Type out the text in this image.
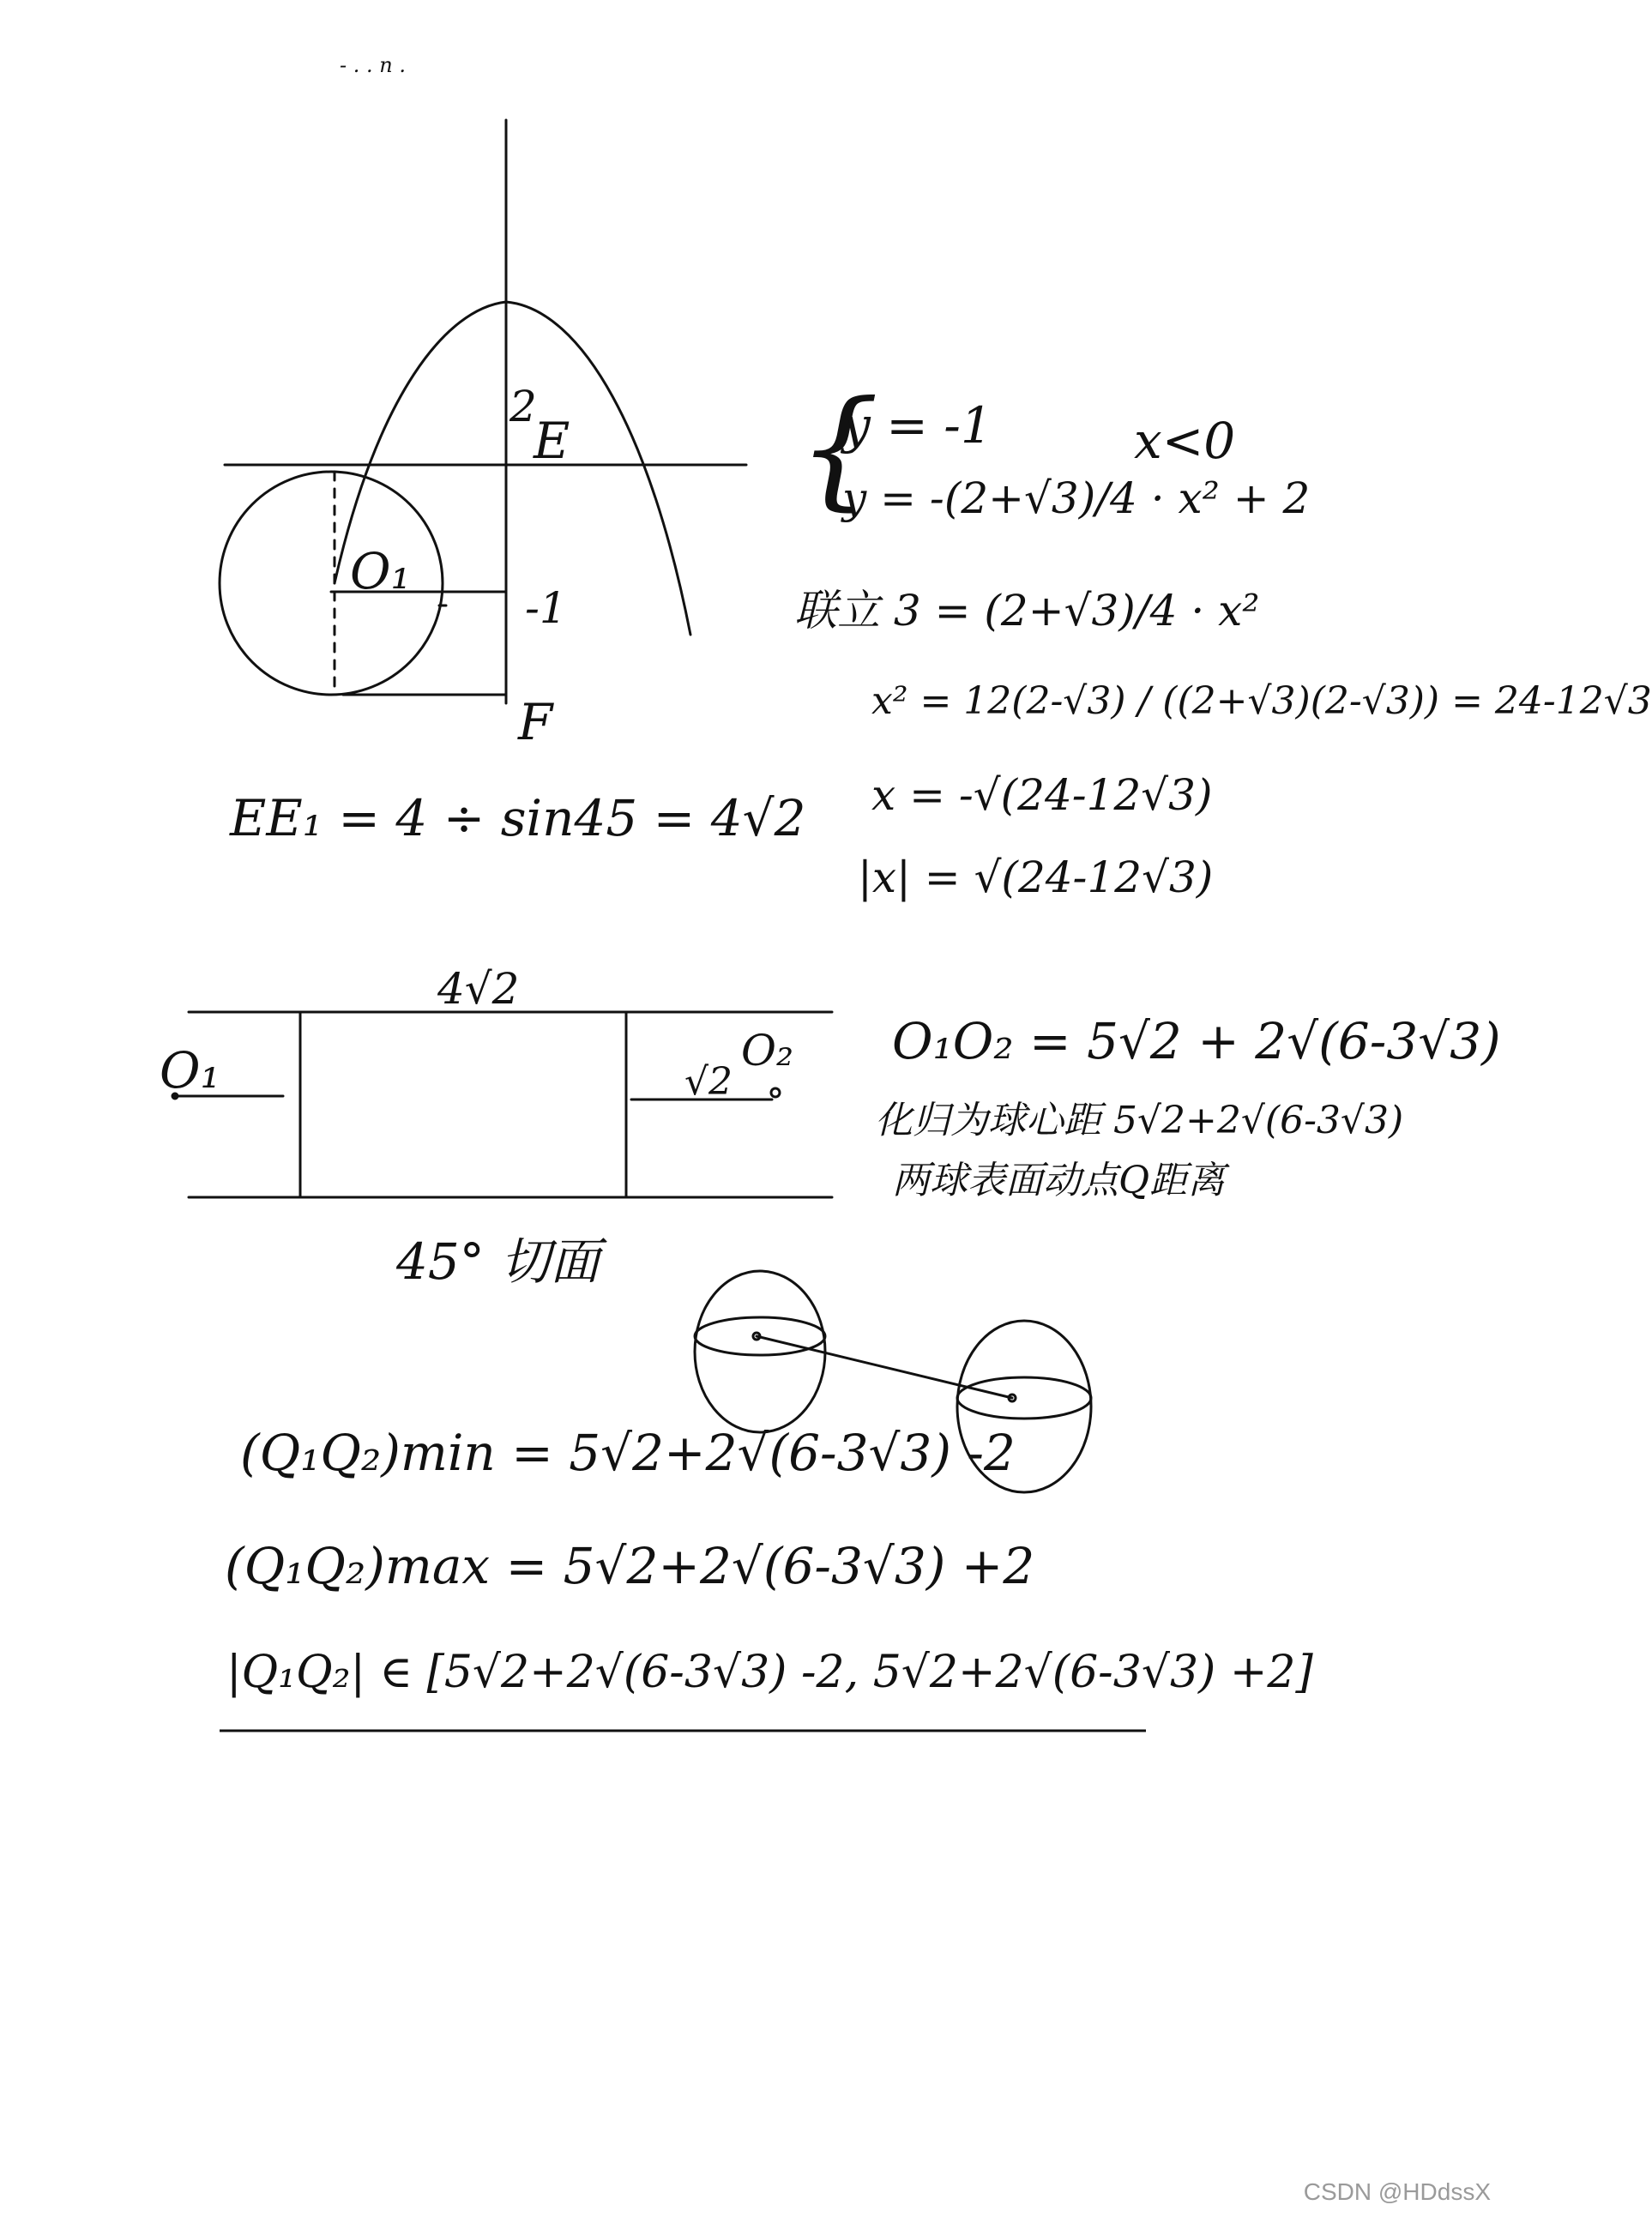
- . . n .
2
E
O₁
-1
F
EE₁ = 4 ÷ sin45 = 4√2
{
y = -1
y = -(2+√3)/4 · x² + 2
x<0
联立 3 = (2+√3)/4 · x²
x² = 12(2-√3) / ((2+√3)(2-√3)) = 24-12√3
x = -√(24-12√3)
|x| = √(24-12√3)
4√2
O₁	O₂
√2
45° 切面
O₁O₂ = 5√2 + 2√(6-3√3)
化归为球心距 5√2+2√(6-3√3)
两球表面动点Q距离
(Q₁Q₂)min = 5√2+2√(6-3√3) -2
(Q₁Q₂)max = 5√2+2√(6-3√3) +2
|Q₁Q₂| ∈ [5√2+2√(6-3√3) -2, 5√2+2√(6-3√3) +2]
CSDN @HDdssX
